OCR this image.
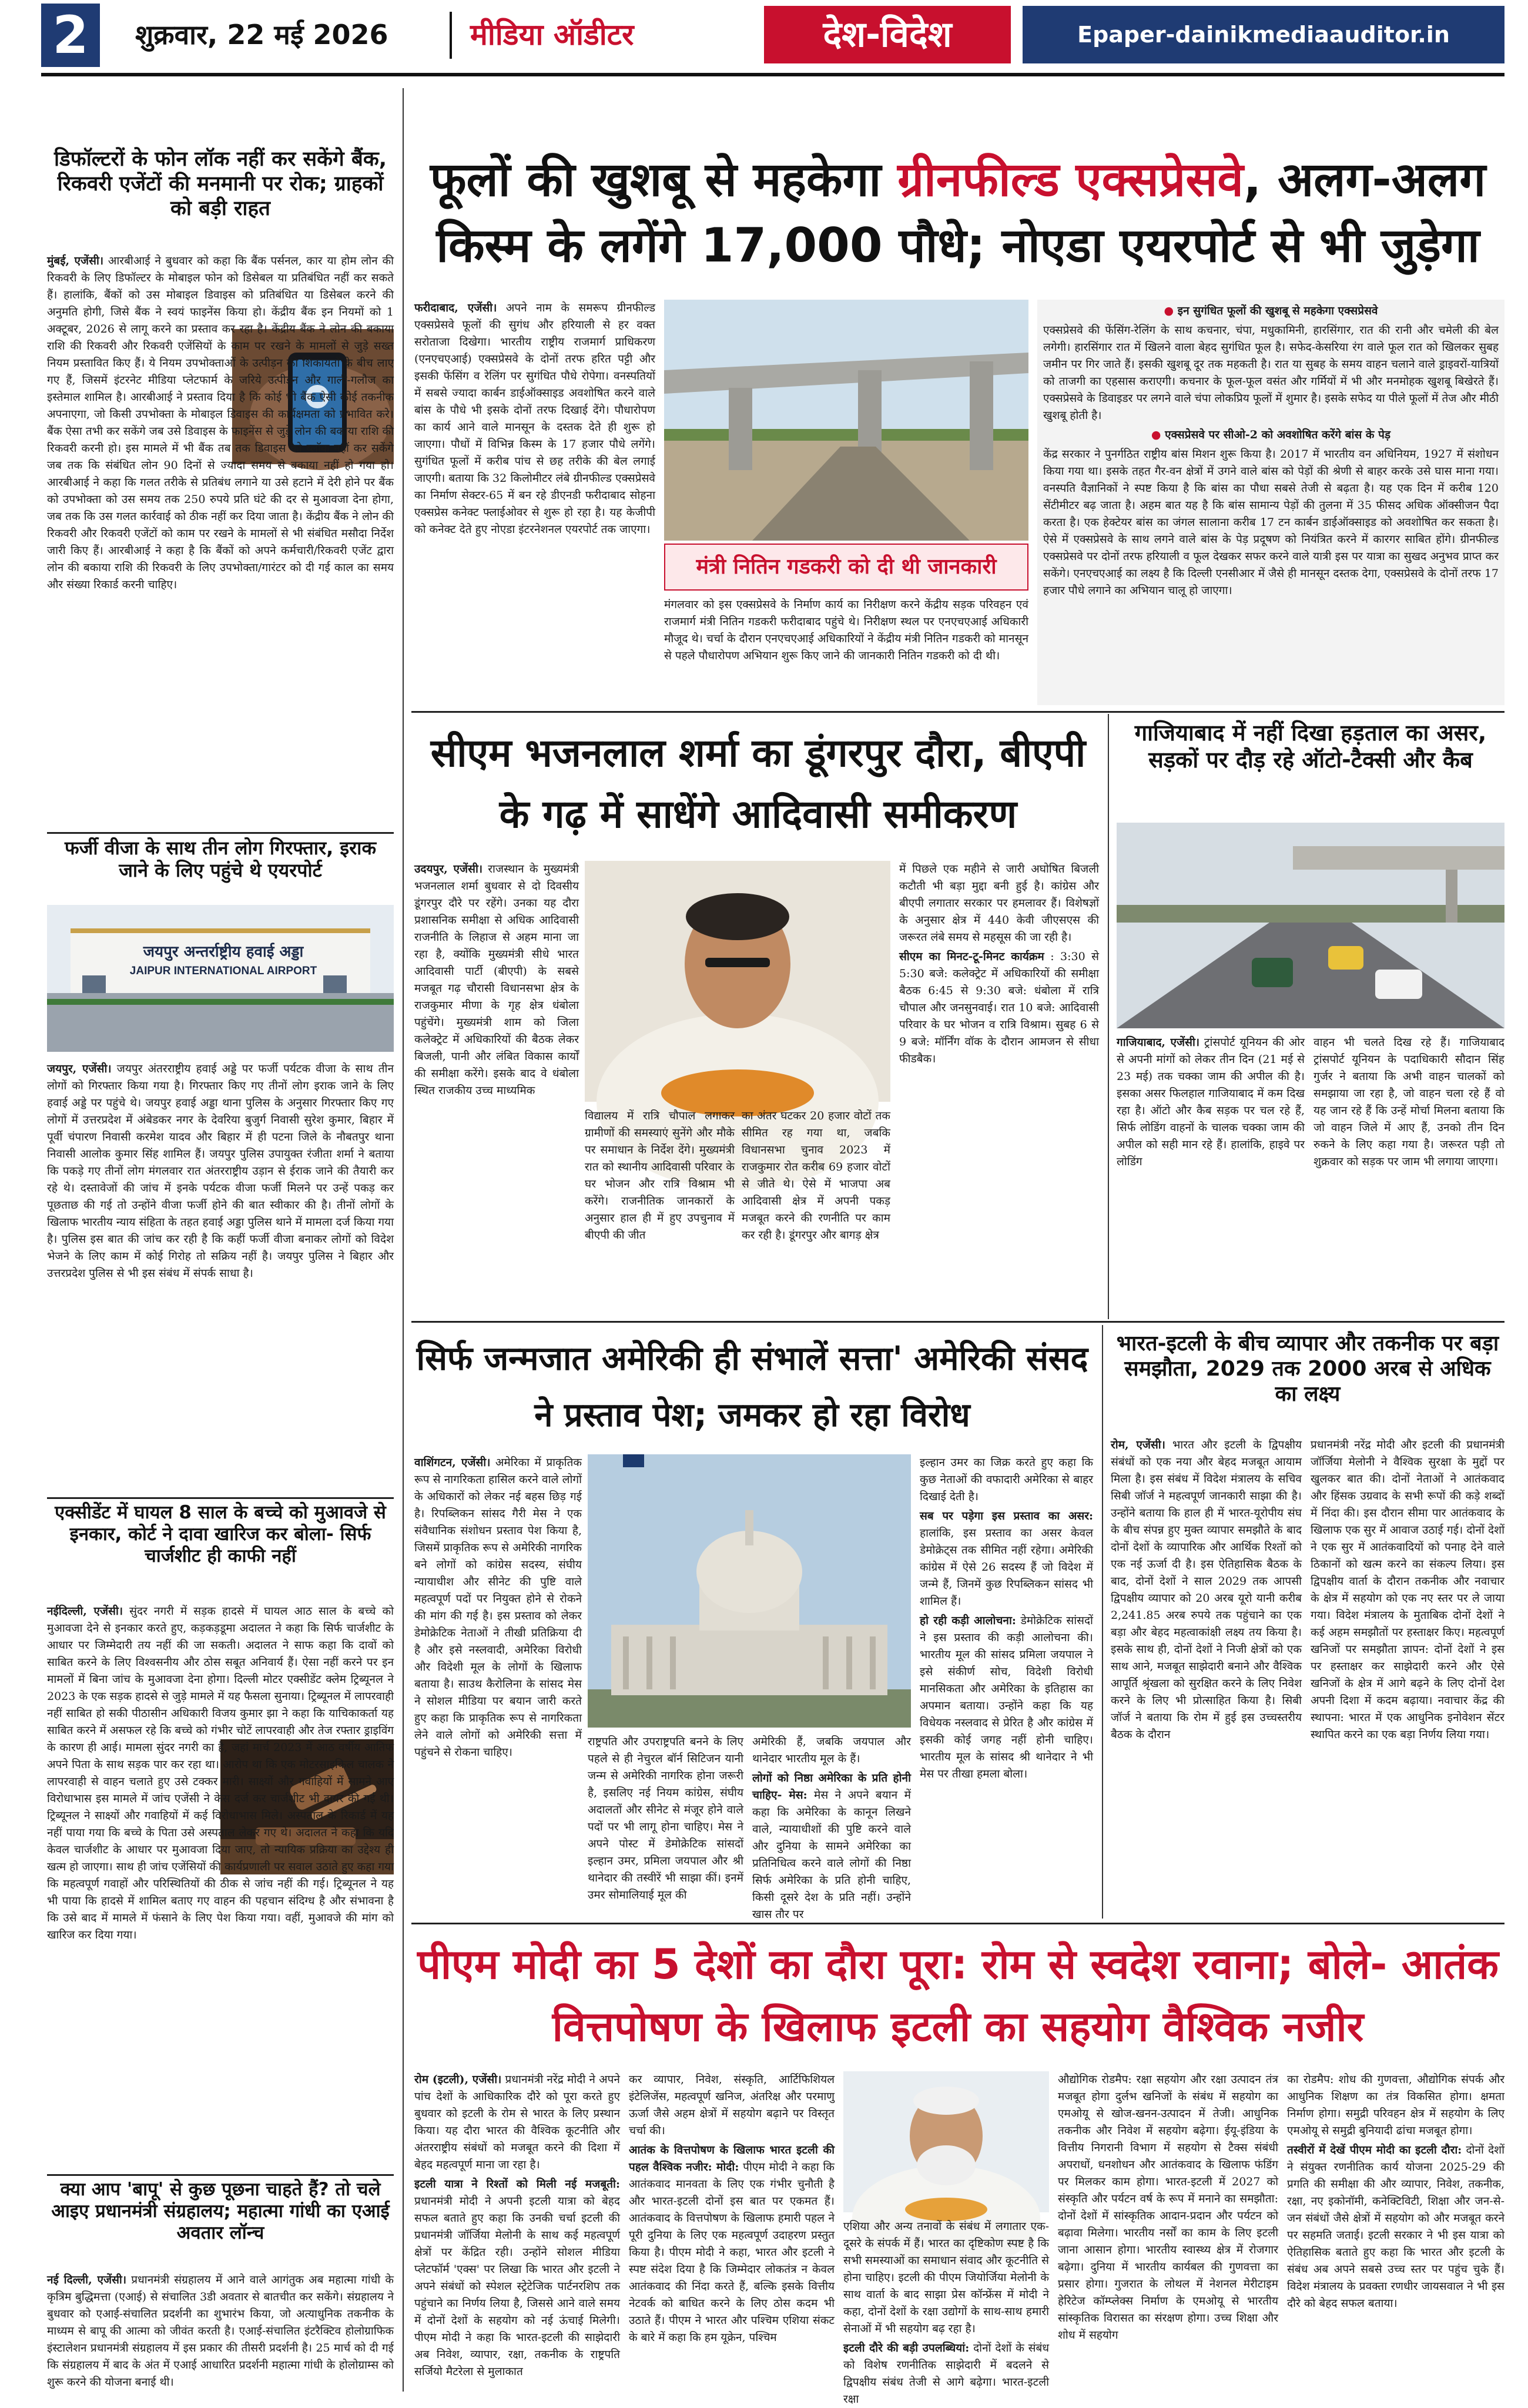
2	शुक्रवार, 22 मई 2026	मीडिया ऑडीटर	देश-विदेश	Epaper-dainikmediaauditor.in
डिफॉल्टरों के फोन लॉक नहीं कर सकेंगे बैंक, रिकवरी एजेंटों की मनमानी पर रोक; ग्राहकों को बड़ी राहत

मुंबई, एजेंसी। आरबीआई ने बुधवार को कहा कि बैंक पर्सनल, कार या होम लोन की रिकवरी के लिए डिफॉल्टर के मोबाइल फोन को डिसेबल या प्रतिबंधित नहीं कर सकते हैं। हालांकि, बैंकों को उस मोबाइल डिवाइस को प्रतिबंधित या डिसेबल करने की अनुमति होगी, जिसे बैंक ने स्वयं फाइनेंस किया हो। केंद्रीय बैंक इन नियमों को 1 अक्टूबर, 2026 से लागू करने का प्रस्ताव कर रहा है। केंद्रीय बैंक ने लोन की बकाया राशि की रिकवरी और रिकवरी एजेंसियों के काम पर रखने के मामलों से जुड़े सख्त नियम प्रस्तावित किए हैं। ये नियम उपभोक्ताओं के उत्पीड़न की शिकायतों के बीच लाए गए हैं, जिसमें इंटरनेट मीडिया प्लेटफार्म के जरिये उत्पीड़न और गाली-गलौज का इस्तेमाल शामिल है। आरबीआई ने प्रस्ताव दिया है कि कोई भी बैंक ऐसी कोई तकनीक अपनाएगा, जो किसी उपभोक्ता के मोबाइल डिवाइस की कार्यक्षमता को प्रभावित करे। बैंक ऐसा तभी कर सकेंगे जब उसे डिवाइस के फाइनेंस से जुड़े लोन की बकाया राशि की रिकवरी करनी हो। इस मामले में भी बैंक तब तक डिवाइस को ब्लॉक नहीं कर सकेंगे जब तक कि संबंधित लोन 90 दिनों से ज्यादा समय से बकाया नहीं हो गया हो। आरबीआई ने कहा कि गलत तरीके से प्रतिबंध लगाने या उसे हटाने में देरी होने पर बैंक को उपभोक्ता को उस समय तक 250 रुपये प्रति घंटे की दर से मुआवजा देना होगा, जब तक कि उस गलत कार्रवाई को ठीक नहीं कर दिया जाता है। केंद्रीय बैंक ने लोन की रिकवरी और रिकवरी एजेंटों को काम पर रखने के मामलों से भी संबंधित मसौदा निर्देश जारी किए हैं। आरबीआई ने कहा है कि बैंकों को अपने कर्मचारी/रिकवरी एजेंट द्वारा लोन की बकाया राशि की रिकवरी के लिए उपभोक्ता/गारंटर को दी गई काल का समय और संख्या रिकार्ड करनी चाहिए।

फर्जी वीजा के साथ तीन लोग गिरफ्तार, इराक जाने के लिए पहुंचे थे एयरपोर्ट
जयपुर अन्तर्राष्ट्रीय हवाई अड्डा
JAIPUR INTERNATIONAL AIRPORT

जयपुर, एजेंसी। जयपुर अंतरराष्ट्रीय हवाई अड्डे पर फर्जी पर्यटक वीजा के साथ तीन लोगों को गिरफ्तार किया गया है। गिरफ्तार किए गए तीनों लोग इराक जाने के लिए हवाई अड्डे पर पहुंचे थे। जयपुर हवाई अड्डा थाना पुलिस के अनुसार गिरफ्तार किए गए लोगों में उत्तरप्रदेश में अंबेडकर नगर के देवरिया बुजुर्ग निवासी सुरेश कुमार, बिहार में पूर्वी चंपारण निवासी करमेश यादव और बिहार में ही पटना जिले के नौबतपुर थाना निवासी आलोक कुमार सिंह शामिल हैं। जयपुर पुलिस उपायुक्त रंजीता शर्मा ने बताया कि पकड़े गए तीनों लोग मंगलवार रात अंतरराष्ट्रीय उड़ान से ईराक जाने की तैयारी कर रहे थे। दस्तावेजों की जांच में इनके पर्यटक वीजा फर्जी मिलने पर उन्हें पकड़ कर पूछताछ की गई तो उन्होंने वीजा फर्जी होने की बात स्वीकार की है। तीनों लोगों के खिलाफ भारतीय न्याय संहिता के तहत हवाई अड्डा पुलिस थाने में मामला दर्ज किया गया है। पुलिस इस बात की जांच कर रही है कि कहीं फर्जी वीजा बनाकर लोगों को विदेश भेजने के लिए काम में कोई गिरोह तो सक्रिय नहीं है। जयपुर पुलिस ने बिहार और उत्तरप्रदेश पुलिस से भी इस संबंध में संपर्क साधा है।

एक्सीडेंट में घायल 8 साल के बच्चे को मुआवजे से इनकार, कोर्ट ने दावा खारिज कर बोला- सिर्फ चार्जशीट ही काफी नहीं

नईदिल्ली, एजेंसी। सुंदर नगरी में सड़क हादसे में घायल आठ साल के बच्चे को मुआवजा देने से इनकार करते हुए, कड़कड़डूमा अदालत ने कहा कि सिर्फ चार्जशीट के आधार पर जिम्मेदारी तय नहीं की जा सकती। अदालत ने साफ कहा कि दावों को साबित करने के लिए विश्वसनीय और ठोस सबूत अनिवार्य हैं। ऐसा नहीं करने पर इन मामलों में बिना जांच के मुआवजा देना होगा। दिल्ली मोटर एक्सीडेंट क्लेम ट्रिब्यूनल ने 2023 के एक सड़क हादसे से जुड़े मामले में यह फैसला सुनाया। ट्रिब्यूनल में लापरवाही नहीं साबित हो सकी पीठासीन अधिकारी विजय कुमार झा ने कहा कि याचिकाकर्ता यह साबित करने में असफल रहे कि बच्चे को गंभीर चोटें लापरवाही और तेज रफ्तार ड्राइविंग के कारण ही आई। मामला सुंदर नगरी का है, जहां मार्च 2023 में आठ वर्षीय आतिफ अपने पिता के साथ सड़क पार कर रहा था। आरोप था कि एक मोटरसाइकिल चालक ने लापरवाही से वाहन चलाते हुए उसे टक्कर मारी। साक्ष्यों और गवाहियों में सामने आए विरोधाभास इस मामले में जांच एजेंसी ने केस दर्ज कर चार्जशीट भी दायर की गई थी। ट्रिब्यूनल ने साक्ष्यों और गवाहियों में कई विरोधाभास मिले। अस्पताल के रिकार्ड में यह नहीं पाया गया कि बच्चे के पिता उसे अस्पताल लेकर गए थे। अदालत ने कहा कि यदि केवल चार्जशीट के आधार पर मुआवजा दिया जाए, तो न्यायिक प्रक्रिया का उद्देश्य ही खत्म हो जाएगा। साथ ही जांच एजेंसियों की कार्यप्रणाली पर सवाल उठाते हुए कहा गया कि महत्वपूर्ण गवाहों और परिस्थितियों की ठीक से जांच नहीं की गई। ट्रिब्यूनल ने यह भी पाया कि हादसे में शामिल बताए गए वाहन की पहचान संदिग्ध है और संभावना है कि उसे बाद में मामले में फंसाने के लिए पेश किया गया। वहीं, मुआवजे की मांग को खारिज कर दिया गया।

क्या आप 'बापू' से कुछ पूछना चाहते हैं? तो चले आइए प्रधानमंत्री संग्रहालय; महात्मा गांधी का एआई अवतार लॉन्च

नई दिल्ली, एजेंसी। प्रधानमंत्री संग्रहालय में आने वाले आगंतुक अब महात्मा गांधी के कृत्रिम बुद्धिमत्ता (एआई) से संचालित 3डी अवतार से बातचीत कर सकेंगे। संग्रहालय ने बुधवार को एआई-संचालित प्रदर्शनी का शुभारंभ किया, जो अत्याधुनिक तकनीक के माध्यम से बापू की आत्मा को जीवंत करती है। एआई-संचालित इंटरैक्टिव होलोग्राफिक इंस्टालेशन प्रधानमंत्री संग्रहालय में इस प्रकार की तीसरी प्रदर्शनी है। 25 मार्च को दी गई कि संग्रहालय में बाद के अंत में एआई आधारित प्रदर्शनी महात्मा गांधी के होलोग्राम्स को शुरू करने की योजना बनाई थी।

फूलों की खुशबू से महकेगा ग्रीनफील्ड एक्सप्रेसवे, अलग-अलग किस्म के लगेंगे 17,000 पौधे; नोएडा एयरपोर्ट से भी जुड़ेगा

फरीदाबाद, एजेंसी। अपने नाम के समरूप ग्रीनफील्ड एक्सप्रेसवे फूलों की सुगंध और हरियाली से हर वक्त सरोताजा दिखेगा। भारतीय राष्ट्रीय राजमार्ग प्राधिकरण (एनएचएआई) एक्सप्रेसवे के दोनों तरफ हरित पट्टी और इसकी फेंसिंग व रेलिंग पर सुगंधित पौधे रोपेगा। वनस्पतियों में सबसे ज्यादा कार्बन डाईऑक्साइड अवशोषित करने वाले बांस के पौधे भी इसके दोनों तरफ दिखाई देंगे। पौधारोपण का कार्य आने वाले मानसून के दस्तक देते ही शुरू हो जाएगा। पौधों में विभिन्न किस्म के 17 हजार पौधे लगेंगे। सुगंधित फूलों में करीब पांच से छह तरीके की बेल लगाई जाएगी। बताया कि 32 किलोमीटर लंबे ग्रीनफील्ड एक्सप्रेसवे का निर्माण सेक्टर-65 में बन रहे डीएनडी फरीदाबाद सोहना एक्सप्रेस कनेक्ट फ्लाईओवर से शुरू हो रहा है। यह केजीपी को कनेक्ट देते हुए नोएडा इंटरनेशनल एयरपोर्ट तक जाएगा।

मंत्री नितिन गडकरी को दी थी जानकारी
मंगलवार को इस एक्सप्रेसवे के निर्माण कार्य का निरीक्षण करने केंद्रीय सड़क परिवहन एवं राजमार्ग मंत्री नितिन गडकरी फरीदाबाद पहुंचे थे। निरीक्षण स्थल पर एनएचएआई अधिकारी मौजूद थे। चर्चा के दौरान एनएचएआई अधिकारियों ने केंद्रीय मंत्री नितिन गडकरी को मानसून से पहले पौधारोपण अभियान शुरू किए जाने की जानकारी नितिन गडकरी को दी थी।

● इन सुगंधित फूलों की खुशबू से महकेगा एक्सप्रेसवे

एक्सप्रेसवे की फेंसिंग-रेलिंग के साथ कचनार, चंपा, मधुकामिनी, हारसिंगार, रात की रानी और चमेली की बेल लगेगी। हारसिंगार रात में खिलने वाला बेहद सुगंधित फूल है। सफेद-केसरिया रंग वाले फूल रात को खिलकर सुबह जमीन पर गिर जाते हैं। इसकी खुशबू दूर तक महकती है। रात या सुबह के समय वाहन चलाने वाले ड्राइवरों-यात्रियों को ताजगी का एहसास कराएगी। कचनार के फूल-फूल वसंत और गर्मियों में भी और मनमोहक खुशबू बिखेरते हैं। एक्सप्रेसवे के डिवाइडर पर लगने वाले चंपा लोकप्रिय फूलों में शुमार है। इसके सफेद या पीले फूलों में तेज और मीठी खुशबू होती है।

● एक्सप्रेसवे पर सीओ-2 को अवशोषित करेंगे बांस के पेड़

केंद्र सरकार ने पुनर्गठित राष्ट्रीय बांस मिशन शुरू किया है। 2017 में भारतीय वन अधिनियम, 1927 में संशोधन किया गया था। इसके तहत गैर-वन क्षेत्रों में उगने वाले बांस को पेड़ों की श्रेणी से बाहर करके उसे घास माना गया। वनस्पति वैज्ञानिकों ने स्पष्ट किया है कि बांस का पौधा सबसे तेजी से बढ़ता है। यह एक दिन में करीब 120 सेंटीमीटर बढ़ जाता है। अहम बात यह है कि बांस सामान्य पेड़ों की तुलना में 35 फीसद अधिक ऑक्सीजन पैदा करता है। एक हेक्टेयर बांस का जंगल सालाना करीब 17 टन कार्बन डाईऑक्साइड को अवशोषित कर सकता है। ऐसे में एक्सप्रेसवे के साथ लगने वाले बांस के पेड़ प्रदूषण को नियंत्रित करने में कारगर साबित होंगे। ग्रीनफील्ड एक्सप्रेसवे पर दोनों तरफ हरियाली व फूल देखकर सफर करने वाले यात्री इस पर यात्रा का सुखद अनुभव प्राप्त कर सकेंगे। एनएचएआई का लक्ष्य है कि दिल्ली एनसीआर में जैसे ही मानसून दस्तक देगा, एक्सप्रेसवे के दोनों तरफ 17 हजार पौधे लगाने का अभियान चालू हो जाएगा।

सीएम भजनलाल शर्मा का डूंगरपुर दौरा, बीएपी के गढ़ में साधेंगे आदिवासी समीकरण

उदयपुर, एजेंसी। राजस्थान के मुख्यमंत्री भजनलाल शर्मा बुधवार से दो दिवसीय डूंगरपुर दौरे पर रहेंगे। उनका यह दौरा प्रशासनिक समीक्षा से अधिक आदिवासी राजनीति के लिहाज से अहम माना जा रहा है, क्योंकि मुख्यमंत्री सीधे भारत आदिवासी पार्टी (बीएपी) के सबसे मजबूत गढ़ चौरासी विधानसभा क्षेत्र के राजकुमार मीणा के गृह क्षेत्र धंबोला पहुंचेंगे। मुख्यमंत्री शाम को जिला कलेक्ट्रेट में अधिकारियों की बैठक लेकर बिजली, पानी और लंबित विकास कार्यों की समीक्षा करेंगे। इसके बाद वे धंबोला स्थित राजकीय उच्च माध्यमिक

विद्यालय में रात्रि चौपाल लगाकर ग्रामीणों की समस्याएं सुनेंगे और मौके पर समाधान के निर्देश देंगे। मुख्यमंत्री रात को स्थानीय आदिवासी परिवार के घर भोजन और रात्रि विश्राम भी करेंगे। राजनीतिक जानकारों के अनुसार हाल ही में हुए उपचुनाव में बीएपी की जीत
का अंतर घटकर 20 हजार वोटों तक सीमित रह गया था, जबकि विधानसभा चुनाव 2023 में राजकुमार रोत करीब 69 हजार वोटों से जीते थे। ऐसे में भाजपा अब आदिवासी क्षेत्र में अपनी पकड़ मजबूत करने की रणनीति पर काम कर रही है। डूंगरपुर और बागड़ क्षेत्र

में पिछले एक महीने से जारी अघोषित बिजली कटौती भी बड़ा मुद्दा बनी हुई है। कांग्रेस और बीएपी लगातार सरकार पर हमलावर हैं। विशेषज्ञों के अनुसार क्षेत्र में 440 केवी जीएसएस की जरूरत लंबे समय से महसूस की जा रही है।

सीएम का मिनट-टू-मिनट कार्यक्रम : 3:30 से 5:30 बजे: कलेक्ट्रेट में अधिकारियों की समीक्षा बैठक 6:45 से 9:30 बजे: धंबोला में रात्रि चौपाल और जनसुनवाई। रात 10 बजे: आदिवासी परिवार के घर भोजन व रात्रि विश्राम। सुबह 6 से 9 बजे: मॉर्निंग वॉक के दौरान आमजन से सीधा फीडबैक।

गाजियाबाद में नहीं दिखा हड़ताल का असर, सड़कों पर दौड़ रहे ऑटो-टैक्सी और कैब

गाजियाबाद, एजेंसी। ट्रांसपोर्ट यूनियन की ओर से अपनी मांगों को लेकर तीन दिन (21 मई से 23 मई) तक चक्का जाम की अपील की है। इसका असर फिलहाल गाजियाबाद में कम दिख रहा है। ऑटो और कैब सड़क पर चल रहे हैं, सिर्फ लोडिंग वाहनों के चालक चक्का जाम की अपील को सही मान रहे हैं। हालांकि, हाइवे पर लोडिंग

वाहन भी चलते दिख रहे हैं। गाजियाबाद ट्रांसपोर्ट यूनियन के पदाधिकारी सौदान सिंह गुर्जर ने बताया कि अभी वाहन चालकों को समझाया जा रहा है, जो वाहन चला रहे हैं वो यह जान रहे हैं कि उन्हें मोर्चा मिलना बताया कि जो वाहन जिले में आए हैं, उनको तीन दिन रुकने के लिए कहा गया है। जरूरत पड़ी तो शुक्रवार को सड़क पर जाम भी लगाया जाएगा।
सिर्फ जन्मजात अमेरिकी ही संभालें सत्ता' अमेरिकी संसद ने प्रस्ताव पेश; जमकर हो रहा विरोध

वाशिंगटन, एजेंसी। अमेरिका में प्राकृतिक रूप से नागरिकता हासिल करने वाले लोगों के अधिकारों को लेकर नई बहस छिड़ गई है। रिपब्लिकन सांसद गैरी मेस ने एक संवैधानिक संशोधन प्रस्ताव पेश किया है, जिसमें प्राकृतिक रूप से अमेरिकी नागरिक बने लोगों को कांग्रेस सदस्य, संघीय न्यायाधीश और सीनेट की पुष्टि वाले महत्वपूर्ण पदों पर नियुक्त होने से रोकने की मांग की गई है। इस प्रस्ताव को लेकर डेमोक्रेटिक नेताओं ने तीखी प्रतिक्रिया दी है और इसे नस्लवादी, अमेरिका विरोधी और विदेशी मूल के लोगों के खिलाफ बताया है। साउथ कैरोलिना के सांसद मेस ने सोशल मीडिया पर बयान जारी करते हुए कहा कि प्राकृतिक रूप से नागरिकता लेने वाले लोगों को अमेरिकी सत्ता में पहुंचने से रोकना चाहिए।

राष्ट्रपति और उपराष्ट्रपति बनने के लिए पहले से ही नेचुरल बॉर्न सिटिजन यानी जन्म से अमेरिकी नागरिक होना जरूरी है, इसलिए नई नियम कांग्रेस, संघीय अदालतों और सीनेट से मंजूर होने वाले पदों पर भी लागू होना चाहिए। मेस ने अपने पोस्ट में डेमोक्रेटिक सांसदों इल्हान उमर, प्रमिला जयपाल और श्री थानेदार की तस्वीरें भी साझा कीं। इनमें उमर सोमालियाई मूल की

अमेरिकी हैं, जबकि जयपाल और थानेदार भारतीय मूल के हैं।

लोगों को निष्ठा अमेरिका के प्रति होनी चाहिए- मेस: मेस ने अपने बयान में कहा कि अमेरिका के कानून लिखने वाले, न्यायाधीशों की पुष्टि करने वाले और दुनिया के सामने अमेरिका का प्रतिनिधित्व करने वाले लोगों की निष्ठा सिर्फ अमेरिका के प्रति होनी चाहिए, किसी दूसरे देश के प्रति नहीं। उन्होंने खास तौर पर

इल्हान उमर का जिक्र करते हुए कहा कि कुछ नेताओं की वफादारी अमेरिका से बाहर दिखाई देती है।

सब पर पड़ेगा इस प्रस्ताव का असर: हालांकि, इस प्रस्ताव का असर केवल डेमोक्रेट्स तक सीमित नहीं रहेगा। अमेरिकी कांग्रेस में ऐसे 26 सदस्य हैं जो विदेश में जन्मे हैं, जिनमें कुछ रिपब्लिकन सांसद भी शामिल हैं।

हो रही कड़ी आलोचना: डेमोक्रेटिक सांसदों ने इस प्रस्ताव की कड़ी आलोचना की। भारतीय मूल की सांसद प्रमिला जयपाल ने इसे संकीर्ण सोच, विदेशी विरोधी मानसिकता और अमेरिका के इतिहास का अपमान बताया। उन्होंने कहा कि यह विधेयक नस्लवाद से प्रेरित है और कांग्रेस में इसकी कोई जगह नहीं होनी चाहिए। भारतीय मूल के सांसद श्री थानेदार ने भी मेस पर तीखा हमला बोला।

भारत-इटली के बीच व्यापार और तकनीक पर बड़ा समझौता, 2029 तक 2000 अरब से अधिक का लक्ष्य

रोम, एजेंसी। भारत और इटली के द्विपक्षीय संबंधों को एक नया और बेहद मजबूत आयाम मिला है। इस संबंध में विदेश मंत्रालय के सचिव सिबी जॉर्ज ने महत्वपूर्ण जानकारी साझा की है। उन्होंने बताया कि हाल ही में भारत-यूरोपीय संघ के बीच संपन्न हुए मुक्त व्यापार समझौते के बाद दोनों देशों के व्यापारिक और आर्थिक रिश्तों को एक नई ऊर्जा दी है। इस ऐतिहासिक बैठक के बाद, दोनों देशों ने साल 2029 तक आपसी द्विपक्षीय व्यापार को 20 अरब यूरो यानी करीब 2,241.85 अरब रुपये तक पहुंचाने का एक बड़ा और बेहद महत्वाकांक्षी लक्ष्य तय किया है। इसके साथ ही, दोनों देशों ने निजी क्षेत्रों को एक साथ आने, मजबूत साझेदारी बनाने और वैश्विक आपूर्ति श्रृंखला को सुरक्षित करने के लिए निवेश करने के लिए भी प्रोत्साहित किया है। सिबी जॉर्ज ने बताया कि रोम में हुई इस उच्चस्तरीय बैठक के दौरान

प्रधानमंत्री नरेंद्र मोदी और इटली की प्रधानमंत्री जॉर्जिया मेलोनी ने वैश्विक सुरक्षा के मुद्दों पर खुलकर बात की। दोनों नेताओं ने आतंकवाद और हिंसक उग्रवाद के सभी रूपों की कड़े शब्दों में निंदा की। इस दौरान सीमा पार आतंकवाद के खिलाफ एक सुर में आवाज उठाई गई। दोनों देशों ने एक सुर में आतंकवादियों को पनाह देने वाले ठिकानों को खत्म करने का संकल्प लिया। इस द्विपक्षीय वार्ता के दौरान तकनीक और नवाचार के क्षेत्र में सहयोग को एक नए स्तर पर ले जाया गया। विदेश मंत्रालय के मुताबिक दोनों देशों ने कई अहम समझौतों पर हस्ताक्षर किए। महत्वपूर्ण खनिजों पर समझौता ज्ञापन: दोनों देशों ने इस पर हस्ताक्षर कर साझेदारी करने और ऐसे खनिजों के क्षेत्र में आगे बढ़ने के लिए दोनों देश अपनी दिशा में कदम बढ़ाया। नवाचार केंद्र की स्थापना: भारत में एक आधुनिक इनोवेशन सेंटर स्थापित करने का एक बड़ा निर्णय लिया गया।
पीएम मोदी का 5 देशों का दौरा पूरा: रोम से स्वदेश रवाना; बोले- आतंक वित्तपोषण के खिलाफ इटली का सहयोग वैश्विक नजीर

रोम (इटली), एजेंसी। प्रधानमंत्री नरेंद्र मोदी ने अपने पांच देशों के आधिकारिक दौरे को पूरा करते हुए बुधवार को इटली के रोम से भारत के लिए प्रस्थान किया। यह दौरा भारत की वैश्विक कूटनीति और अंतरराष्ट्रीय संबंधों को मजबूत करने की दिशा में बेहद महत्वपूर्ण माना जा रहा है।

इटली यात्रा ने रिश्तों को मिली नई मजबूती: प्रधानमंत्री मोदी ने अपनी इटली यात्रा को बेहद सफल बताते हुए कहा कि उनकी चर्चा इटली की प्रधानमंत्री जॉर्जिया मेलोनी के साथ कई महत्वपूर्ण क्षेत्रों पर केंद्रित रही। उन्होंने सोशल मीडिया प्लेटफॉर्म 'एक्स' पर लिखा कि भारत और इटली ने अपने संबंधों को स्पेशल स्ट्रेटेजिक पार्टनरशिप तक पहुंचाने का निर्णय लिया है, जिससे आने वाले समय में दोनों देशों के सहयोग को नई ऊंचाई मिलेगी। पीएम मोदी ने कहा कि भारत-इटली की साझेदारी अब निवेश, व्यापार, रक्षा, तकनीक के राष्ट्रपति सर्जियो मैटरेला से मुलाकात

कर व्यापार, निवेश, संस्कृति, आर्टिफिशियल इंटेलिजेंस, महत्वपूर्ण खनिज, अंतरिक्ष और परमाणु ऊर्जा जैसे अहम क्षेत्रों में सहयोग बढ़ाने पर विस्तृत चर्चा की।

आतंक के वित्तपोषण के खिलाफ भारत इटली की पहल वैश्विक नजीर: मोदी: पीएम मोदी ने कहा कि आतंकवाद मानवता के लिए एक गंभीर चुनौती है और भारत-इटली दोनों इस बात पर एकमत हैं। आतंकवाद के वित्तपोषण के खिलाफ हमारी पहल ने पूरी दुनिया के लिए एक महत्वपूर्ण उदाहरण प्रस्तुत किया है। पीएम मोदी ने कहा, भारत और इटली ने स्पष्ट संदेश दिया है कि जिम्मेदार लोकतंत्र न केवल आतंकवाद की निंदा करते हैं, बल्कि इसके वित्तीय नेटवर्क को बाधित करने के लिए ठोस कदम भी उठाते हैं। पीएम ने भारत और पश्चिम एशिया संकट के बारे में कहा कि हम यूक्रेन, पश्चिम

एशिया और अन्य तनावों के संबंध में लगातार एक-दूसरे के संपर्क में हैं। भारत का दृष्टिकोण स्पष्ट है कि सभी समस्याओं का समाधान संवाद और कूटनीति से होना चाहिए। इटली की पीएम जियोर्जिया मेलोनी के साथ वार्ता के बाद साझा प्रेस कॉन्फ्रेंस में मोदी ने कहा, दोनों देशों के रक्षा उद्योगों के साथ-साथ हमारी सेनाओं में भी सहयोग बढ़ रहा है।

इटली दौरे की बड़ी उपलब्धियां: दोनों देशों के संबंध को विशेष रणनीतिक साझेदारी में बदलने से द्विपक्षीय संबंध तेजी से आगे बढ़ेगा। भारत-इटली रक्षा

औद्योगिक रोडमैप: रक्षा सहयोग और रक्षा उत्पादन तंत्र मजबूत होगा दुर्लभ खनिजों के संबंध में सहयोग का एमओयू से खोज-खनन-उत्पादन में तेजी। आधुनिक तकनीक और निवेश में सहयोग बढ़ेगा। ईयू-इंडिया के वित्तीय निगरानी विभाग में सहयोग से टैक्स संबंधी अपराधों, धनशोधन और आतंकवाद के खिलाफ फंडिंग पर मिलकर काम होगा। भारत-इटली में 2027 को संस्कृति और पर्यटन वर्ष के रूप में मनाने का समझौता: दोनों देशों में सांस्कृतिक आदान-प्रदान और पर्यटन को बढ़ावा मिलेगा। भारतीय नर्सों का काम के लिए इटली जाना आसान होगा। भारतीय स्वास्थ्य क्षेत्र में रोजगार बढ़ेगा। दुनिया में भारतीय कार्यबल की गुणवत्ता का प्रसार होगा। गुजरात के लोथल में नेशनल मेरीटाइम हेरिटेज कॉम्प्लेक्स निर्माण के एमओयू से भारतीय सांस्कृतिक विरासत का संरक्षण होगा। उच्च शिक्षा और शोध में सहयोग

का रोडमैप: शोध की गुणवत्ता, औद्योगिक संपर्क और आधुनिक शिक्षण का तंत्र विकसित होगा। क्षमता निर्माण होगा। समुद्री परिवहन क्षेत्र में सहयोग के लिए एमओयू से समुद्री बुनियादी ढांचा मजबूत होगा।

तस्वीरों में देखें पीएम मोदी का इटली दौरा: दोनों देशों ने संयुक्त रणनीतिक कार्य योजना 2025-29 की प्रगति की समीक्षा की और व्यापार, निवेश, तकनीक, रक्षा, नए इकोनॉमी, कनेक्टिविटी, शिक्षा और जन-से-जन संबंधों जैसे क्षेत्रों में सहयोग को और मजबूत करने पर सहमति जताई। इटली सरकार ने भी इस यात्रा को ऐतिहासिक बताते हुए कहा कि भारत और इटली के संबंध अब अपने सबसे उच्च स्तर पर पहुंच चुके हैं। विदेश मंत्रालय के प्रवक्ता रणधीर जायसवाल ने भी इस दौरे को बेहद सफल बताया।
